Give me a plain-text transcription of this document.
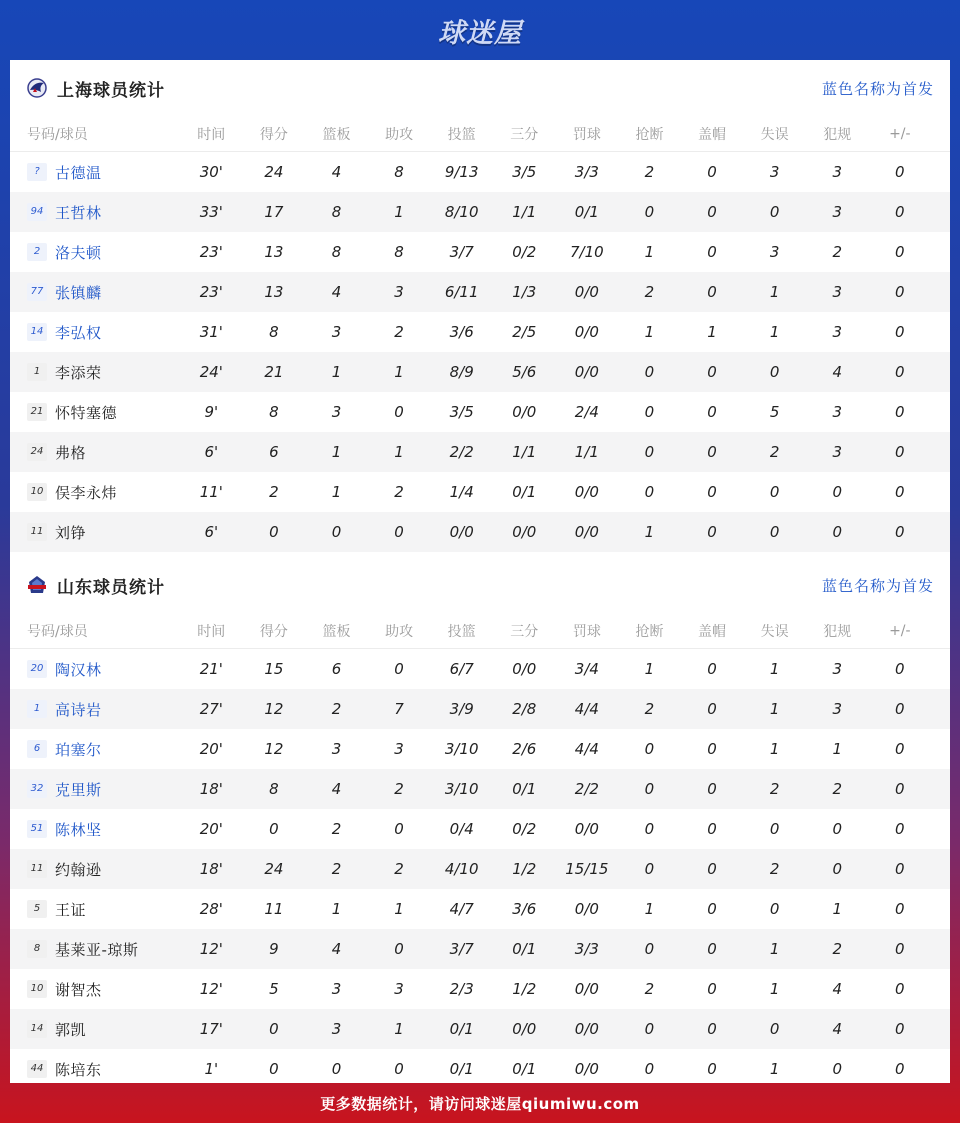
球迷屋
上海球员统计	蓝色名称为首发
号码/球员	时间	得分	篮板	助攻	投篮	三分	罚球	抢断	盖帽	失误	犯规	+/-
?	古德温	30'	24	4	8	9/13	3/5	3/3	2	0	3	3	0
94 王哲林	33'	17	8	1	8/10	1/1	0/1	0	0	0	3	0
2 洛夫顿	23'	13	8	8	3/7	0/2	7/10	1	0	3	2	0
77 张镇麟	23'	13	4	3	6/11	1/3	0/0	2	0	1	3	0
14 李弘权	31'	8	3	2	3/6	2/5	0/0	1	1	1	3	0
1 李添荣	24'	21	1	1	8/9	5/6	0/0	0	0	0	4	0
21 怀特塞德	9'	8	3	0	3/5	0/0	2/4	0	0	5	3	0
24 弗格	6'	6	1	1	2/2	1/1	1/1	0	0	2	3	0
10 俣李永炜	11'	2	1	2	1/4	0/1	0/0	0	0	0	0	0
11 刘铮	6'	0	0	0	0/0	0/0	0/0	1	0	0	0	0
山东球员统计	蓝色名称为首发
号码/球员	时间	得分	篮板	助攻	投篮	三分	罚球	抢断	盖帽	失误	犯规	+/-
20 陶汉林	21'	15	6	0	6/7	0/0	3/4	1	0	1	3	0
1 高诗岩	27'	12	2	7	3/9	2/8	4/4	2	0	1	3	0
6 珀塞尔	20'	12	3	3	3/10	2/6	4/4	0	0	1	1	0
32 克里斯	18'	8	4	2	3/10	0/1	2/2	0	0	2	2	0
51 陈林坚	20'	0	2	0	0/4	0/2	0/0	0	0	0	0	0
11 约翰逊	18'	24	2	2	4/10	1/2	15/15	0	0	2	0	0
5 王证	28'	11	1	1	4/7	3/6	0/0	1	0	0	1	0
8 基莱亚-琼斯	12'	9	4	0	3/7	0/1	3/3	0	0	1	2	0
10 谢智杰	12'	5	3	3	2/3	1/2	0/0	2	0	1	4	0
14 郭凯	17'	0	3	1	0/1	0/0	0/0	0	0	0	4	0
44 陈培东	1'	0	0	0	0/1	0/1	0/0	0	0	1	0	0
更多数据统计，请访问球迷屋qiumiwu.com
